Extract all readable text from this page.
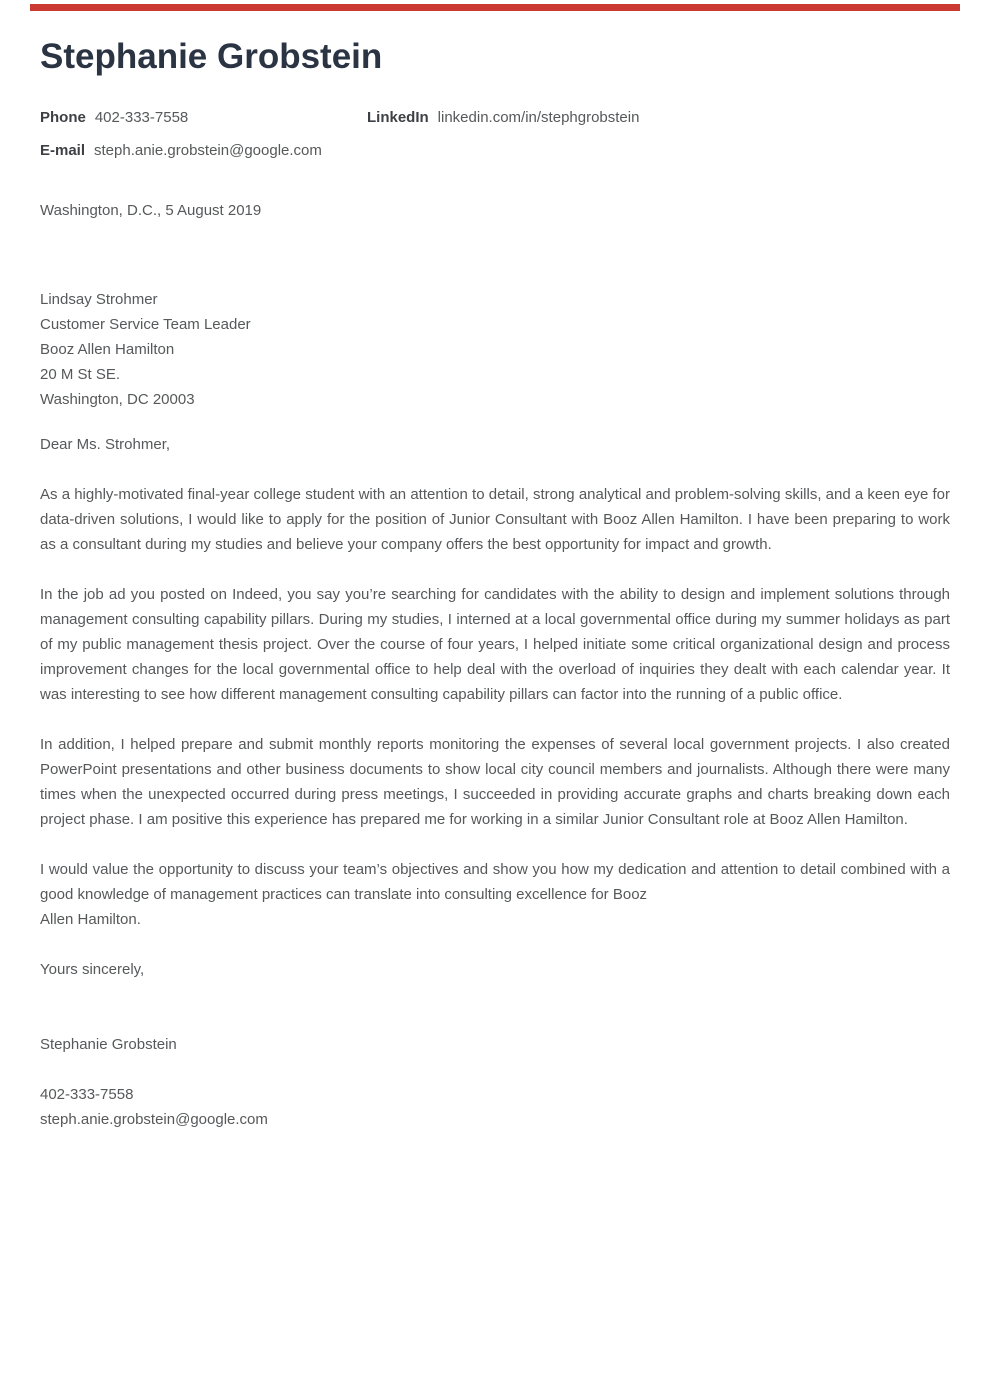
Stephanie Grobstein
Phone 402-333-7558	LinkedIn linkedin.com/in/stephgrobstein
E-mail steph.anie.grobstein@google.com

Washington, D.C., 5 August 2019

Lindsay Strohmer
Customer Service Team Leader
Booz Allen Hamilton
20 M St SE.
Washington, DC 20003

Dear Ms. Strohmer,

As a highly-motivated final-year college student with an attention to detail, strong analytical and problem-solving skills, and a keen eye for data-driven solutions, I would like to apply for the position of Junior Consultant with Booz Allen Hamilton. I have been preparing to work as a consultant during my studies and believe your company offers the best opportunity for impact and growth.

In the job ad you posted on Indeed, you say you’re searching for candidates with the ability to design and implement solutions through management consulting capability pillars. During my studies, I interned at a local governmental office during my summer holidays as part of my public management thesis project. Over the course of four years, I helped initiate some critical organizational design and process improvement changes for the local governmental office to help deal with the overload of inquiries they dealt with each calendar year. It was interesting to see how different management consulting capability pillars can factor into the running of a public office.

In addition, I helped prepare and submit monthly reports monitoring the expenses of several local government projects. I also created PowerPoint presentations and other business documents to show local city council members and journalists. Although there were many times when the unexpected occurred during press meetings, I succeeded in providing accurate graphs and charts breaking down each project phase. I am positive this experience has prepared me for working in a similar Junior Consultant role at Booz Allen Hamilton.

I would value the opportunity to discuss your team’s objectives and show you how my dedication and attention to detail combined with a good knowledge of management practices can translate into consulting excellence for Booz
Allen Hamilton.

Yours sincerely,

Stephanie Grobstein

402-333-7558

steph.anie.grobstein@google.com
